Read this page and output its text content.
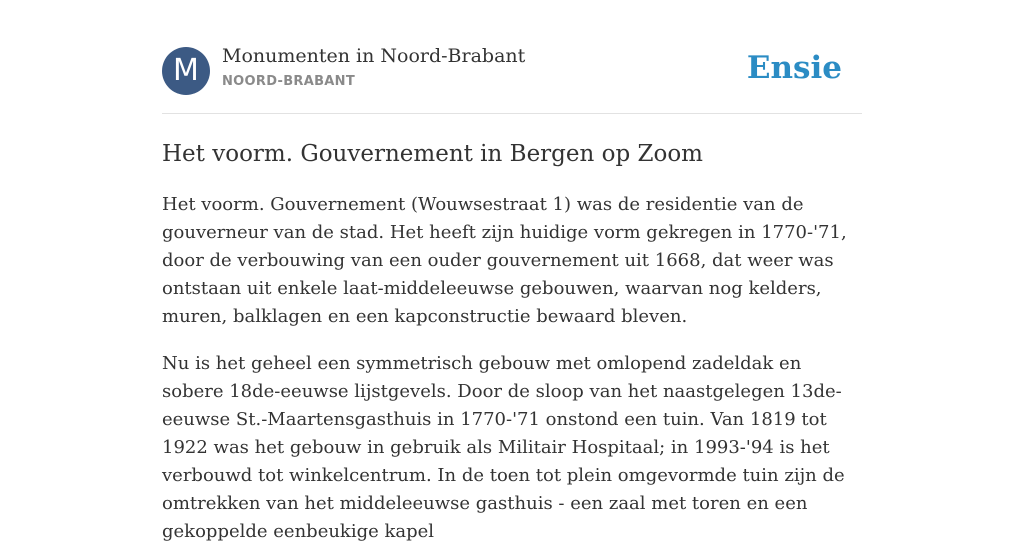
M	Monumenten in Noord-Brabant
NOORD-BRABANT	Ensie
Het voorm. Gouvernement in Bergen op Zoom

Het voorm. Gouvernement (Wouwsestraat 1) was de residentie van de gouverneur van de stad. Het heeft zijn huidige vorm gekregen in 1770-'71, door de verbouwing van een ouder gouvernement uit 1668, dat weer was ontstaan uit enkele laat-middeleeuwse gebouwen, waarvan nog kelders, muren, balklagen en een kapconstructie bewaard bleven.

Nu is het geheel een symmetrisch gebouw met omlopend zadeldak en sobere 18de-eeuwse lijstgevels. Door de sloop van het naastgelegen 13de-eeuwse St.-Maartensgasthuis in 1770-'71 onstond een tuin. Van 1819 tot 1922 was het gebouw in gebruik als Militair Hospitaal; in 1993-'94 is het verbouwd tot winkelcentrum. In de toen tot plein omgevormde tuin zijn de omtrekken van het middeleeuwse gasthuis - een zaal met toren en een gekoppelde eenbeukige kapel
